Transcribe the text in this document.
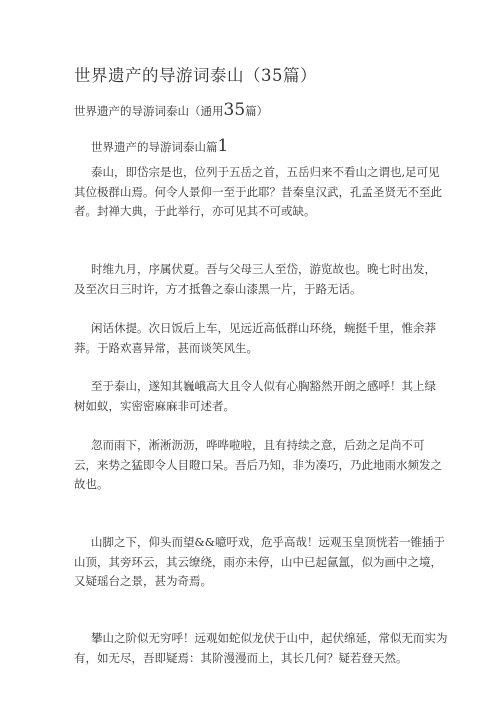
世界遗产的导游词泰山（35篇）
世界遗产的导游词泰山（通用35篇）
世界遗产的导游词泰山篇1
泰山，即岱宗是也，位列于五岳之首，五岳归来不看山之谓也,足可见
其位极群山焉。何令人景仰一至于此耶？昔秦皇汉武，孔孟圣贤无不至此
者。封禅大典，于此举行，亦可见其不可或缺。
时维九月，序属伏夏。吾与父母三人至岱，游览故也。晚七时出发，
及至次日三时许，方才抵鲁之泰山漆黑一片，于路无话。
闲话休提。次日饭后上车，见远近高低群山环绕，蜿挺千里，惟余莽
莽。于路欢喜异常，甚而谈笑风生。
至于泰山，遂知其巍峨高大且令人似有心胸豁然开朗之感呼！其上绿
树如蚁，实密密麻麻非可述者。
忽而雨下，淅淅沥沥，哗哗啦啦，且有持续之意，后劲之足尚不可
云，来势之猛即令人目瞪口呆。吾后乃知，非为凑巧，乃此地雨水频发之
故也。
山脚之下，仰头而望&&噫吁戏，危乎高哉！远观玉皇顶恍若一锥插于
山顶，其旁环云，其云缭绕，雨亦未停，山中已起氤氲，似为画中之境，
又疑瑶台之景，甚为奇焉。
攀山之阶似无穷呼！远观如蛇似龙伏于山中，起伏绵延，常似无而实为
有，如无尽，吾即疑焉：其阶漫漫而上，其长几何？疑若登天然。
